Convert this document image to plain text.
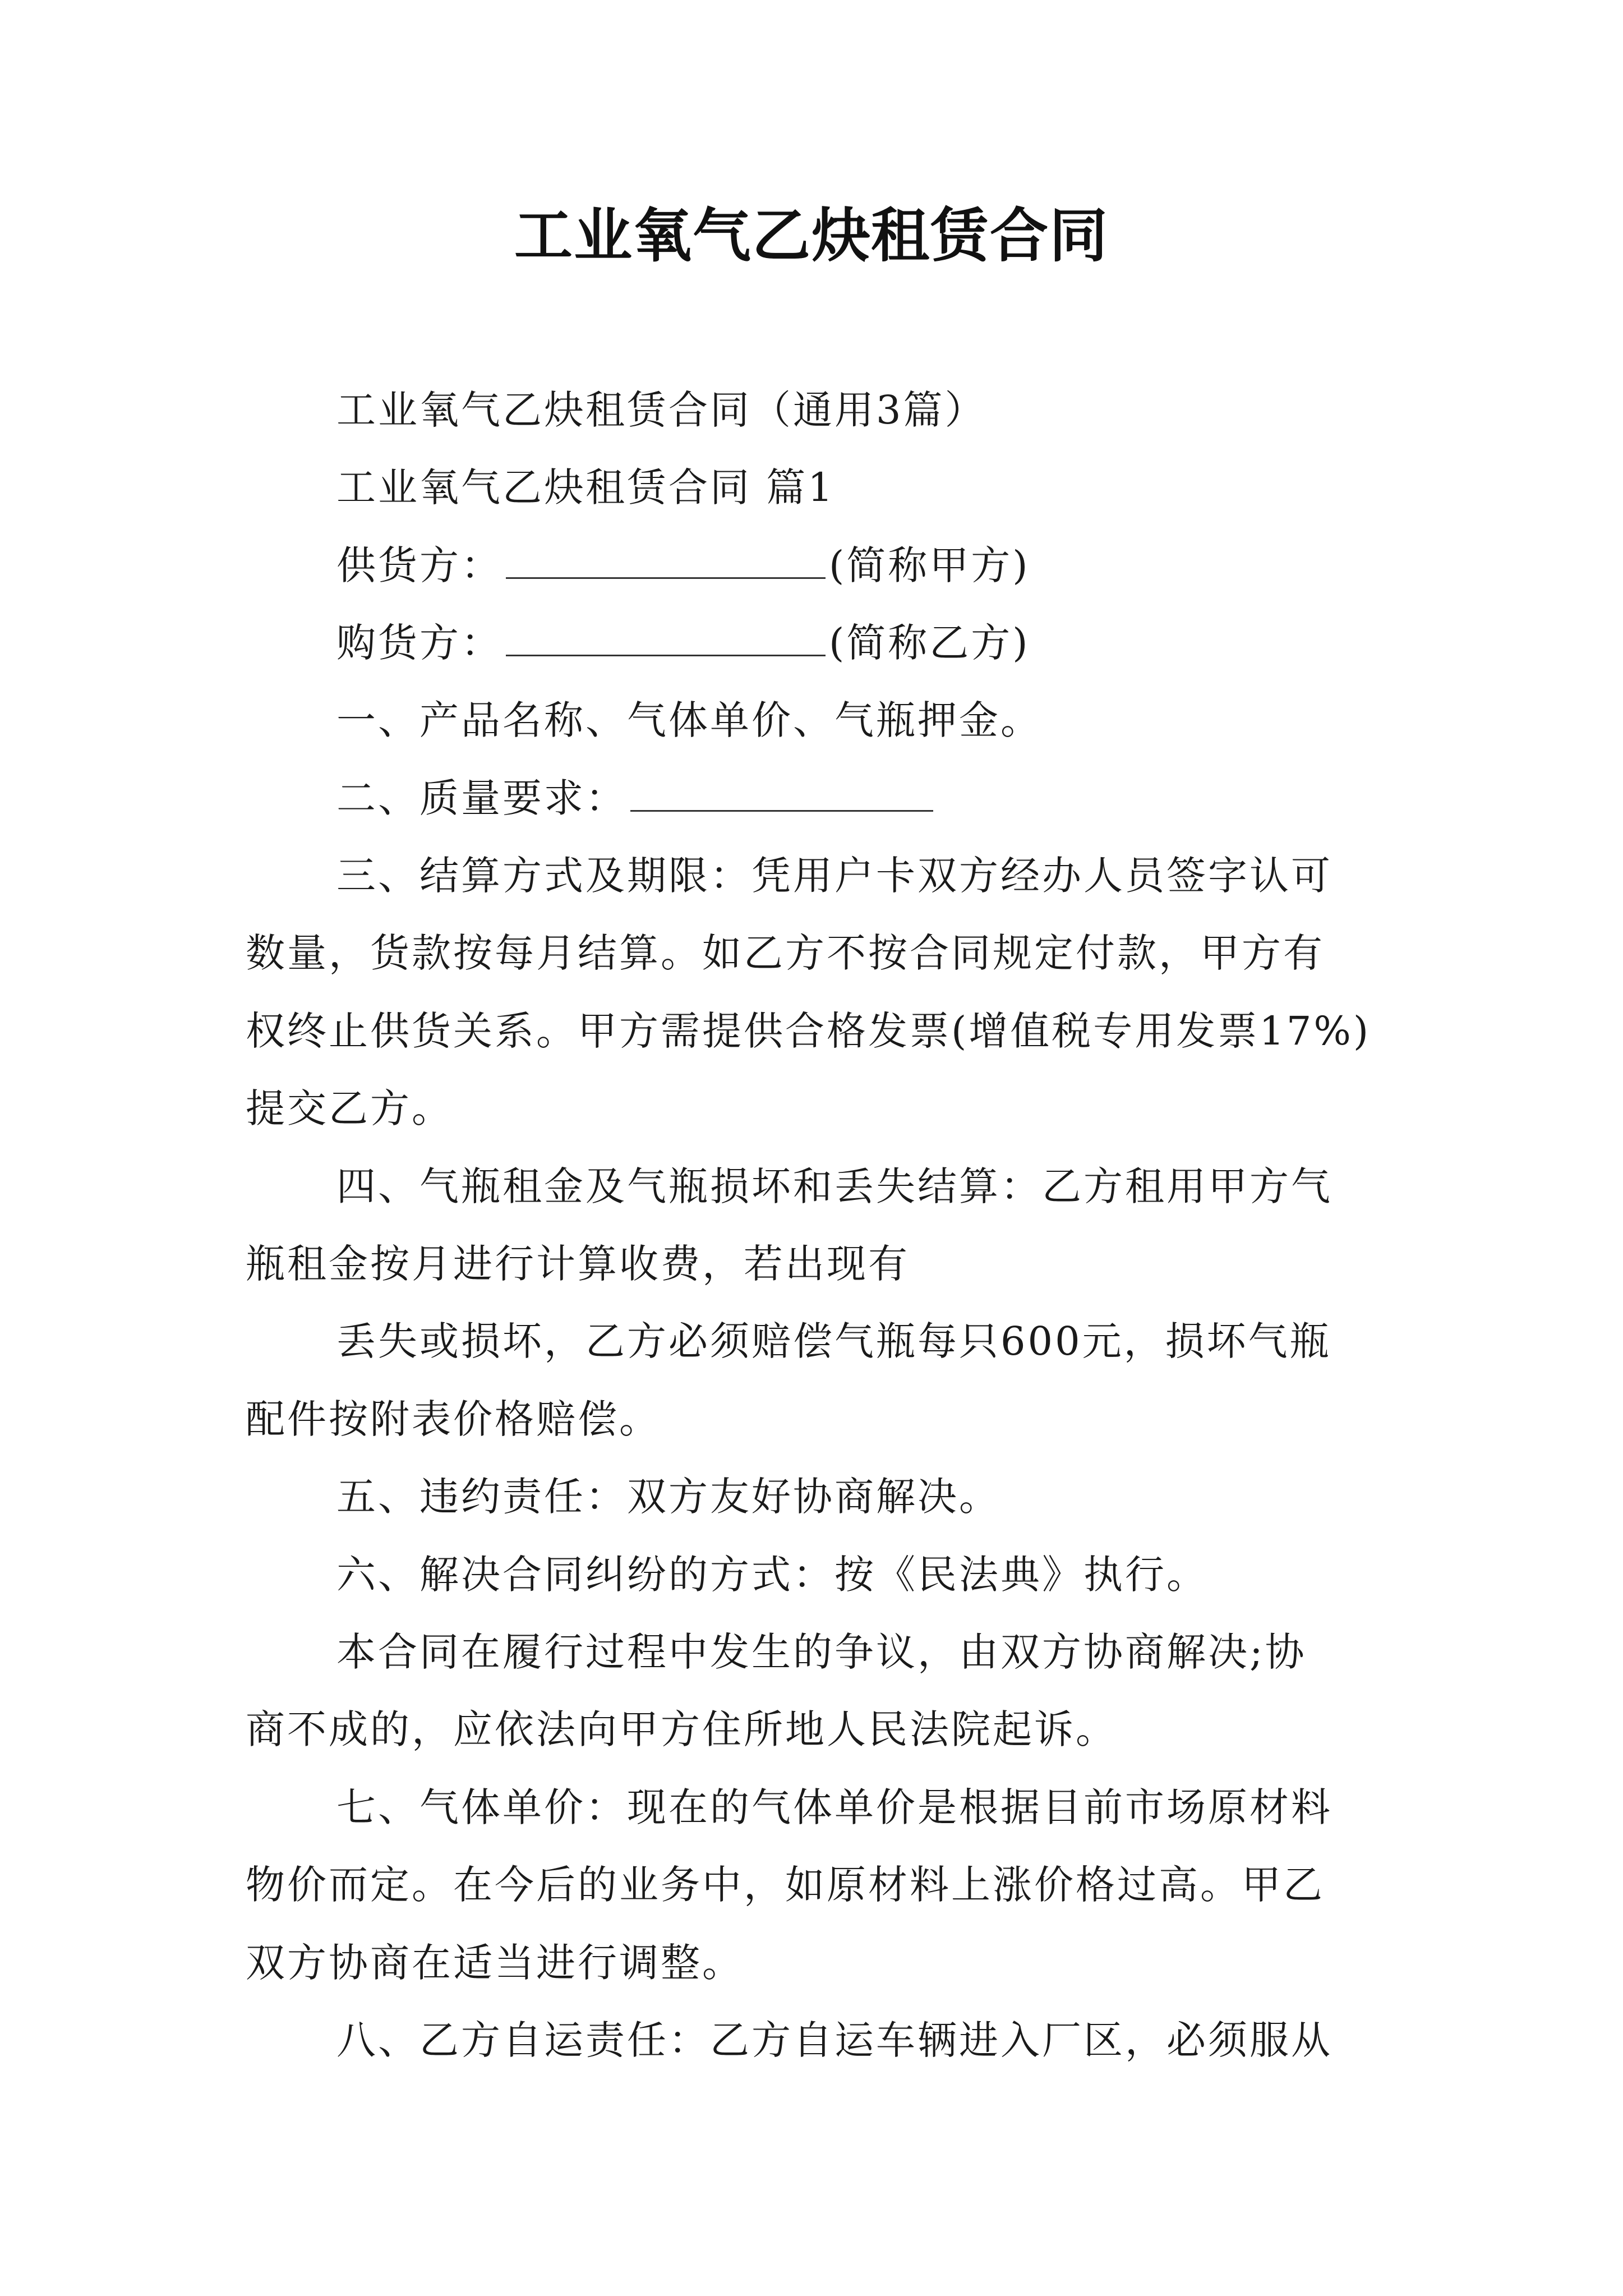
工业氧气乙炔租赁合同
工业氧气乙炔租赁合同（通用3篇）
工业氧气乙炔租赁合同 篇1
供货方：	(简称甲方)
购货方：	(简称乙方)
一、产品名称、气体单价、气瓶押金。
二、质量要求：
三、结算方式及期限：凭用户卡双方经办人员签字认可
数量，货款按每月结算。如乙方不按合同规定付款，甲方有
权终止供货关系。甲方需提供合格发票(增值税专用发票17%)
提交乙方。
四、气瓶租金及气瓶损坏和丢失结算：乙方租用甲方气
瓶租金按月进行计算收费，若出现有
丢失或损坏，乙方必须赔偿气瓶每只600元，损坏气瓶
配件按附表价格赔偿。
五、违约责任：双方友好协商解决。
六、解决合同纠纷的方式：按《民法典》执行。
本合同在履行过程中发生的争议，由双方协商解决;协
商不成的，应依法向甲方住所地人民法院起诉。
七、气体单价：现在的气体单价是根据目前市场原材料
物价而定。在今后的业务中，如原材料上涨价格过高。甲乙
双方协商在适当进行调整。
八、乙方自运责任：乙方自运车辆进入厂区，必须服从
